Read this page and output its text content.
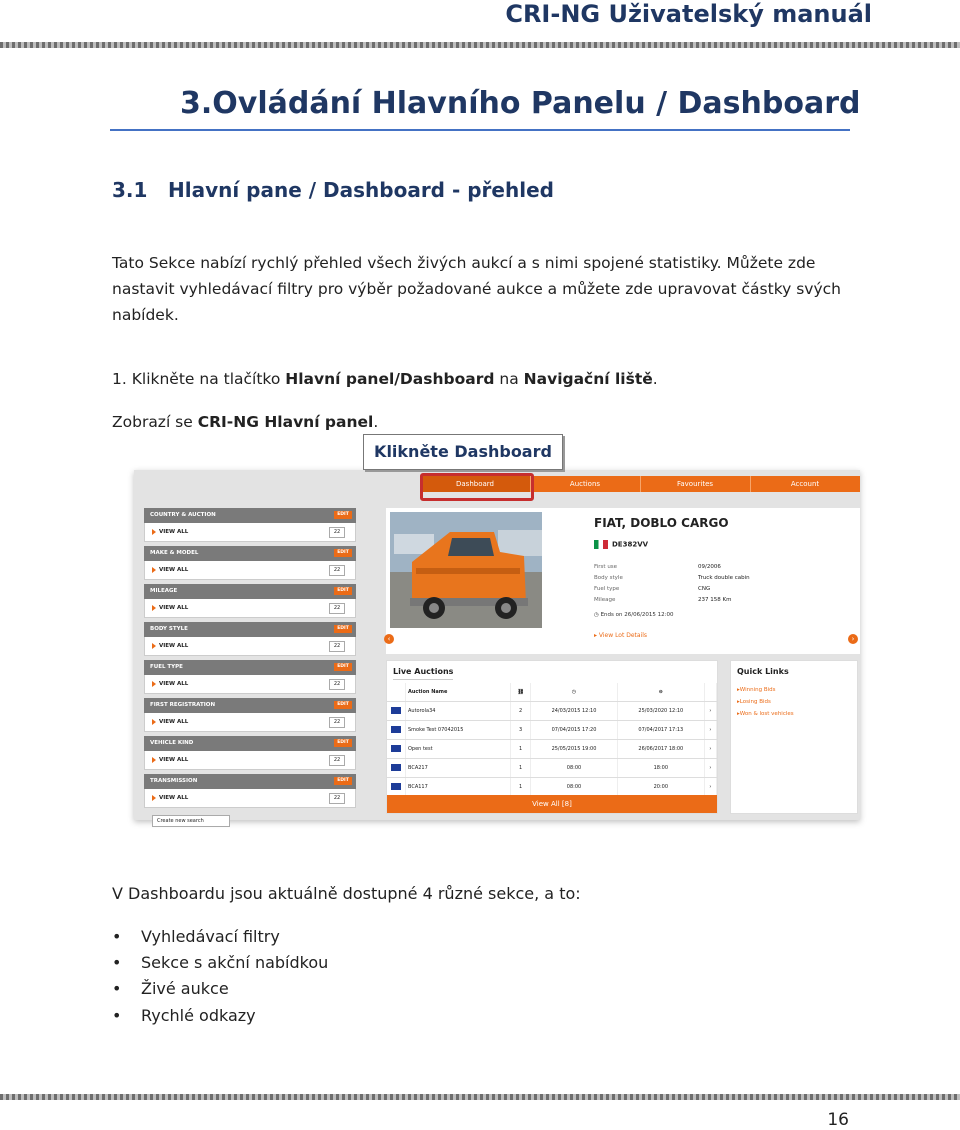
CRI-NG Uživatelský manuál
3.Ovládání Hlavního Panelu / Dashboard
3.1 Hlavní pane / Dashboard - přehled
Tato Sekce nabízí rychlý přehled všech živých aukcí a s nimi spojené statistiky. Můžete zde
nastavit vyhledávací filtry pro výběr požadované aukce a můžete zde upravovat částky svých
nabídek.
1. Klikněte na tlačítko Hlavní panel/Dashboard na Navigační liště.
Zobrazí se CRI-NG Hlavní panel.
Dashboard	Auctions	Favourites	Account
COUNTRY & AUCTION	EDIT
VIEW ALL	22
MAKE & MODEL	EDIT
VIEW ALL	22
MILEAGE	EDIT
VIEW ALL	22
BODY STYLE	EDIT
VIEW ALL	22
FUEL TYPE	EDIT
VIEW ALL	22
FIRST REGISTRATION	EDIT
VIEW ALL	22
VEHICLE KIND	EDIT
VIEW ALL	22
TRANSMISSION	EDIT
VIEW ALL	22
Create new search
FIAT, DOBLO CARGO
DE382VV
First use	09/2006
Body style	Truck double cabin
Fuel type	CNG
Mileage	237 158 Km
◷ Ends on 26/06/2015 12:00
▸ View Lot Details
‹	›
Live Auctions
	Auction Name	⛓	◷	⊖	
	Autorola34	2	24/03/2015 12:10	25/03/2020 12:10	›
	Smoke Test 07042015	3	07/04/2015 17:20	07/04/2017 17:13	›
	Open test	1	25/05/2015 19:00	26/06/2017 18:00	›
	BCA217	1	08:00	18:00	›
	BCA117	1	08:00	20:00	›
View All [8]
Quick Links
▸ Winning Bids
▸ Losing Bids
▸ Won & lost vehicles
Klikněte Dashboard
V Dashboardu jsou aktuálně dostupné 4 různé sekce, a to:
• Vyhledávací filtry
• Sekce s akční nabídkou
• Živé aukce
• Rychlé odkazy
16
